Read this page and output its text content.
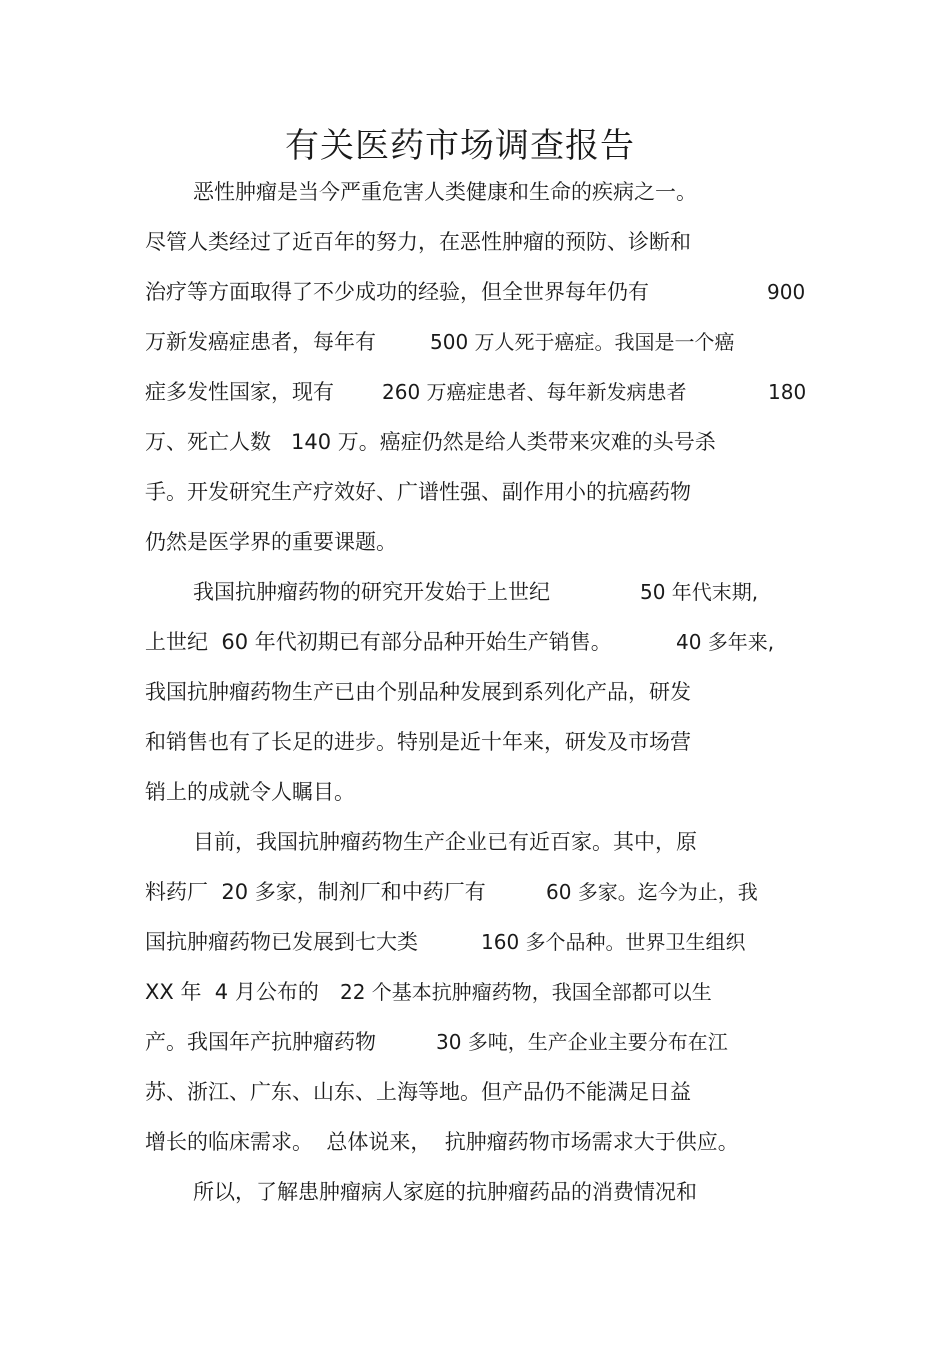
有关医药市场调查报告
恶性肿瘤是当今严重危害人类健康和生命的疾病之一。
尽管人类经过了近百年的努力，在恶性肿瘤的预防、诊断和
治疗等方面取得了不少成功的经验，但全世界每年仍有	900
万新发癌症患者，每年有	500 万人死于癌症。我国是一个癌
症多发性国家，现有 260 万癌症患者、每年新发病患者	180
万、死亡人数   140 万。癌症仍然是给人类带来灾难的头号杀
手。开发研究生产疗效好、广谱性强、副作用小的抗癌药物
仍然是医学界的重要课题。
我国抗肿瘤药物的研究开发始于上世纪	50 年代末期,
上世纪  60 年代初期已有部分品种开始生产销售。	40 多年来,
我国抗肿瘤药物生产已由个别品种发展到系列化产品，研发
和销售也有了长足的进步。特别是近十年来，研发及市场营
销上的成就令人瞩目。
目前，我国抗肿瘤药物生产企业已有近百家。其中，原
料药厂  20 多家，制剂厂和中药厂有	60 多家。迄今为止，我
国抗肿瘤药物已发展到七大类	160 多个品种。世界卫生组织
XX 年  4 月公布的 22 个基本抗肿瘤药物，我国全部都可以生
产。我国年产抗肿瘤药物	30 多吨，生产企业主要分布在江
苏、浙江、广东、山东、上海等地。但产品仍不能满足日益
增长的临床需求。  总体说来，  抗肿瘤药物市场需求大于供应。
所以，了解患肿瘤病人家庭的抗肿瘤药品的消费情况和
